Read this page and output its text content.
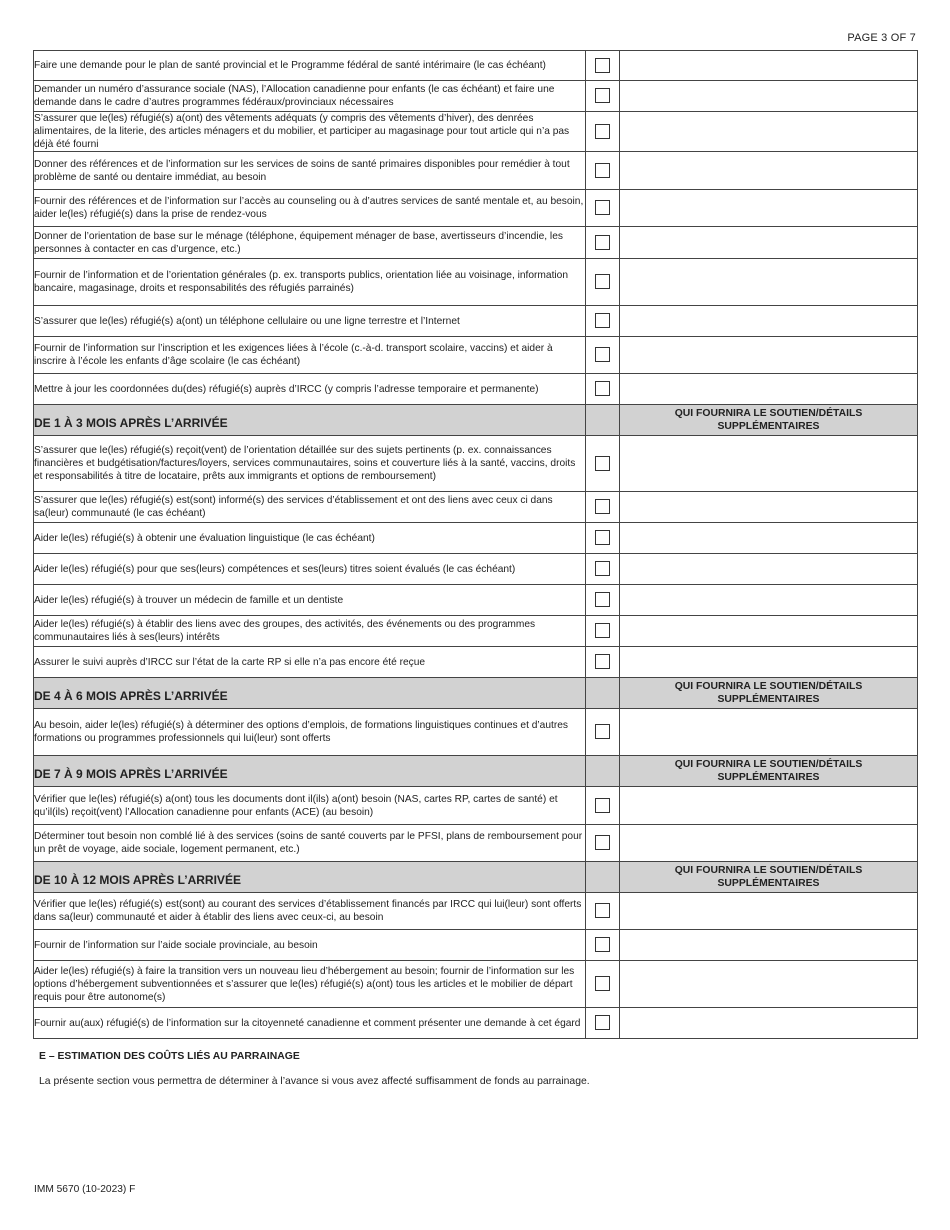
PAGE 3 OF 7
Faire une demande pour le plan de santé provincial et le Programme fédéral de santé intérimaire (le cas échéant)		
Demander un numéro d’assurance sociale (NAS), l’Allocation canadienne pour enfants (le cas échéant) et faire une demande dans le cadre d’autres programmes fédéraux/provinciaux nécessaires		
S’assurer que le(les) réfugié(s) a(ont) des vêtements adéquats (y compris des vêtements d’hiver), des denrées alimentaires, de la literie, des articles ménagers et du mobilier, et participer au magasinage pour tout article qui n’a pas déjà été fourni		
Donner des références et de l’information sur les services de soins de santé primaires disponibles pour remédier à tout problème de santé ou dentaire immédiat, au besoin		
Fournir des références et de l’information sur l’accès au counseling ou à d’autres services de santé mentale et, au besoin, aider le(les) réfugié(s) dans la prise de rendez-vous		
Donner de l’orientation de base sur le ménage (téléphone, équipement ménager de base, avertisseurs d’incendie, les personnes à contacter en cas d’urgence, etc.)		
Fournir de l’information et de l’orientation générales (p. ex. transports publics, orientation liée au voisinage, information bancaire, magasinage, droits et responsabilités des réfugiés parrainés)		
S’assurer que le(les) réfugié(s) a(ont) un téléphone cellulaire ou une ligne terrestre et l’Internet		
Fournir de l’information sur l’inscription et les exigences liées à l’école (c.-à-d. transport scolaire, vaccins) et aider à inscrire à l’école les enfants d’âge scolaire (le cas échéant)		
Mettre à jour les coordonnées du(des) réfugié(s) auprès d’IRCC (y compris l’adresse temporaire et permanente)		
DE 1 À 3 MOIS APRÈS L’ARRIVÉE		QUI FOURNIRA LE SOUTIEN/DÉTAILS SUPPLÉMENTAIRES
S’assurer que le(les) réfugié(s) reçoit(vent) de l’orientation détaillée sur des sujets pertinents (p. ex. connaissances financières et budgétisation/factures/loyers, services communautaires, soins et couverture liés à la santé, vaccins, droits et responsabilités à titre de locataire, prêts aux immigrants et options de remboursement)		
S’assurer que le(les) réfugié(s) est(sont) informé(s) des services d’établissement et ont des liens avec ceux ci dans sa(leur) communauté (le cas échéant)		
Aider le(les) réfugié(s) à obtenir une évaluation linguistique (le cas échéant)		
Aider le(les) réfugié(s) pour que ses(leurs) compétences et ses(leurs) titres soient évalués (le cas échéant)		
Aider le(les) réfugié(s) à trouver un médecin de famille et un dentiste		
Aider le(les) réfugié(s) à établir des liens avec des groupes, des activités, des événements ou des programmes communautaires liés à ses(leurs) intérêts		
Assurer le suivi auprès d’IRCC sur l’état de la carte RP si elle n’a pas encore été reçue		
DE 4 À 6 MOIS APRÈS L’ARRIVÉE		QUI FOURNIRA LE SOUTIEN/DÉTAILS SUPPLÉMENTAIRES
Au besoin, aider le(les) réfugié(s) à déterminer des options d’emplois, de formations linguistiques continues et d’autres formations ou programmes professionnels qui lui(leur) sont offerts		
DE 7 À 9 MOIS APRÈS L’ARRIVÉE		QUI FOURNIRA LE SOUTIEN/DÉTAILS SUPPLÉMENTAIRES
Vérifier que le(les) réfugié(s) a(ont) tous les documents dont il(ils) a(ont) besoin (NAS, cartes RP, cartes de santé) et qu’il(ils) reçoit(vent) l’Allocation canadienne pour enfants (ACE) (au besoin)		
Déterminer tout besoin non comblé lié à des services (soins de santé couverts par le PFSI, plans de remboursement pour un prêt de voyage, aide sociale, logement permanent, etc.)		
DE 10 À 12 MOIS APRÈS L’ARRIVÉE		QUI FOURNIRA LE SOUTIEN/DÉTAILS SUPPLÉMENTAIRES
Vérifier que le(les) réfugié(s) est(sont) au courant des services d’établissement financés par IRCC qui lui(leur) sont offerts dans sa(leur) communauté et aider à établir des liens avec ceux-ci, au besoin		
Fournir de l’information sur l’aide sociale provinciale, au besoin		
Aider le(les) réfugié(s) à faire la transition vers un nouveau lieu d’hébergement au besoin; fournir de l’information sur les options d’hébergement subventionnées et s’assurer que le(les) réfugié(s) a(ont) tous les articles et le mobilier de départ requis pour être autonome(s)		
Fournir au(aux) réfugié(s) de l’information sur la citoyenneté canadienne et comment présenter une demande à cet égard		
E – ESTIMATION DES COÛTS LIÉS AU PARRAINAGE
La présente section vous permettra de déterminer à l’avance si vous avez affecté suffisamment de fonds au parrainage.
IMM 5670 (10-2023) F
